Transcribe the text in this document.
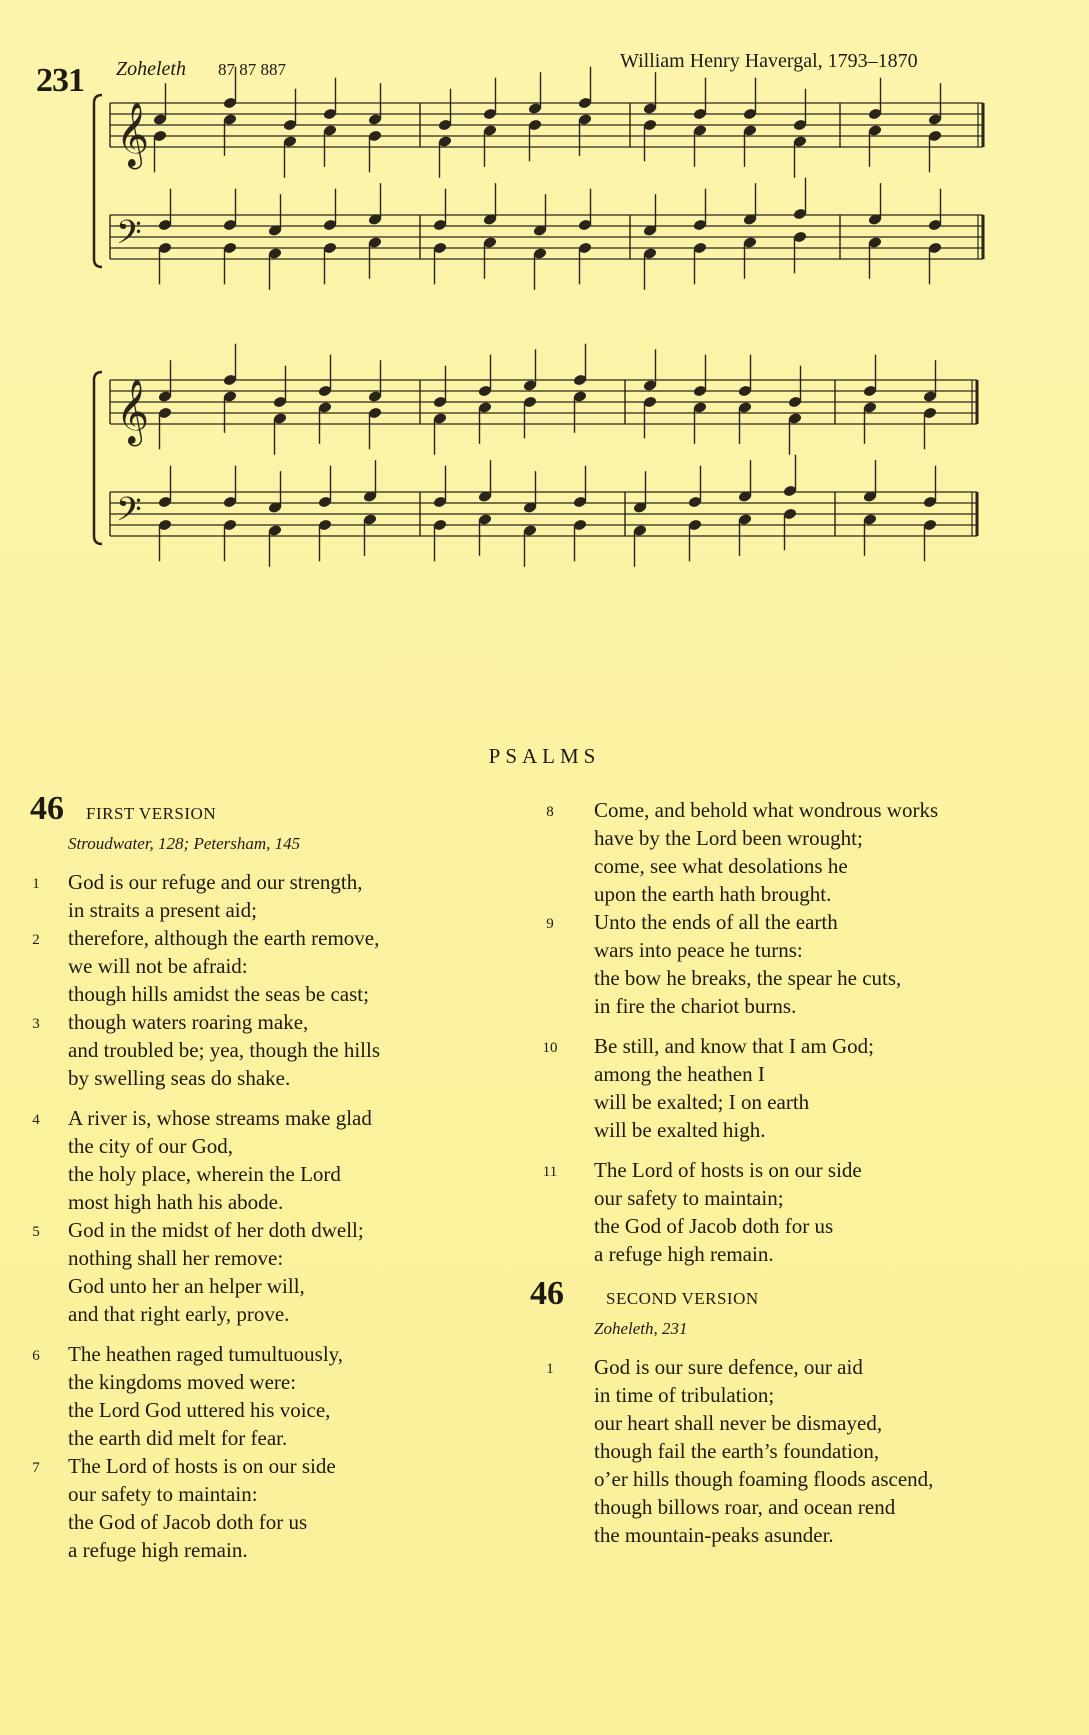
231 Zoheleth 87 87 887	William Henry Havergal, 1793–1870
𝄞
𝄢
𝄞
𝄢
PSALMS
46	FIRST VERSION
Stroudwater, 128; Petersham, 145
1	God is our refuge and our strength,
in straits a present aid;
2	therefore, although the earth remove,
we will not be afraid:
though hills amidst the seas be cast;
3	though waters roaring make,
and troubled be; yea, though the hills
by swelling seas do shake.
4	A river is, whose streams make glad
the city of our God,
the holy place, wherein the Lord
most high hath his abode.
5	God in the midst of her doth dwell;
nothing shall her remove:
God unto her an helper will,
and that right early, prove.
6	The heathen raged tumultuously,
the kingdoms moved were:
the Lord God uttered his voice,
the earth did melt for fear.
7	The Lord of hosts is on our side
our safety to maintain:
the God of Jacob doth for us
a refuge high remain.
8	Come, and behold what wondrous works
have by the Lord been wrought;
come, see what desolations he
upon the earth hath brought.
9	Unto the ends of all the earth
wars into peace he turns:
the bow he breaks, the spear he cuts,
in fire the chariot burns.
10	Be still, and know that I am God;
among the heathen I
will be exalted; I on earth
will be exalted high.
11	The Lord of hosts is on our side
our safety to maintain;
the God of Jacob doth for us
a refuge high remain.
46	SECOND VERSION
Zoheleth, 231
1	God is our sure defence, our aid
in time of tribulation;
our heart shall never be dismayed,
though fail the earth’s foundation,
o’er hills though foaming floods ascend,
though billows roar, and ocean rend
the mountain-peaks asunder.
